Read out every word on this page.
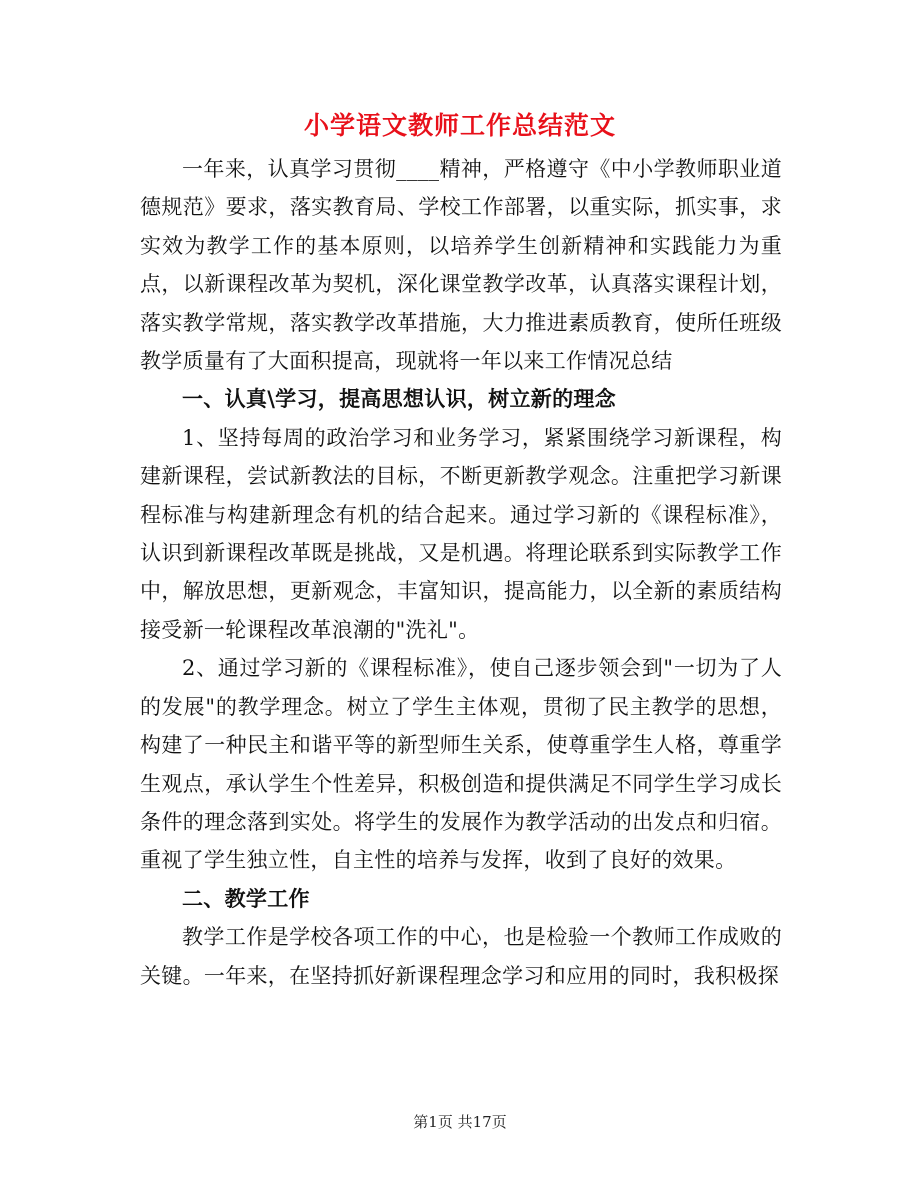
小学语文教师工作总结范文

一年来，认真学习贯彻____精神，严格遵守《中小学教师职业道德规范》要求，落实教育局、学校工作部署，以重实际，抓实事，求实效为教学工作的基本原则，以培养学生创新精神和实践能力为重点，以新课程改革为契机，深化课堂教学改革，认真落实课程计划，落实教学常规，落实教学改革措施，大力推进素质教育，使所任班级教学质量有了大面积提高，现就将一年以来工作情况总结

一、认真\学习，提高思想认识，树立新的理念

1、坚持每周的政治学习和业务学习，紧紧围绕学习新课程，构建新课程，尝试新教法的目标，不断更新教学观念。注重把学习新课程标准与构建新理念有机的结合起来。通过学习新的《课程标准》，认识到新课程改革既是挑战，又是机遇。将理论联系到实际教学工作中，解放思想，更新观念，丰富知识，提高能力，以全新的素质结构接受新一轮课程改革浪潮的"洗礼"。

2、通过学习新的《课程标准》，使自己逐步领会到"一切为了人的发展"的教学理念。树立了学生主体观，贯彻了民主教学的思想，构建了一种民主和谐平等的新型师生关系，使尊重学生人格，尊重学生观点，承认学生个性差异，积极创造和提供满足不同学生学习成长条件的理念落到实处。将学生的发展作为教学活动的出发点和归宿。重视了学生独立性，自主性的培养与发挥，收到了良好的效果。

二、教学工作

教学工作是学校各项工作的中心，也是检验一个教师工作成败的关键。一年来，在坚持抓好新课程理念学习和应用的同时，我积极探

第1页 共17页
